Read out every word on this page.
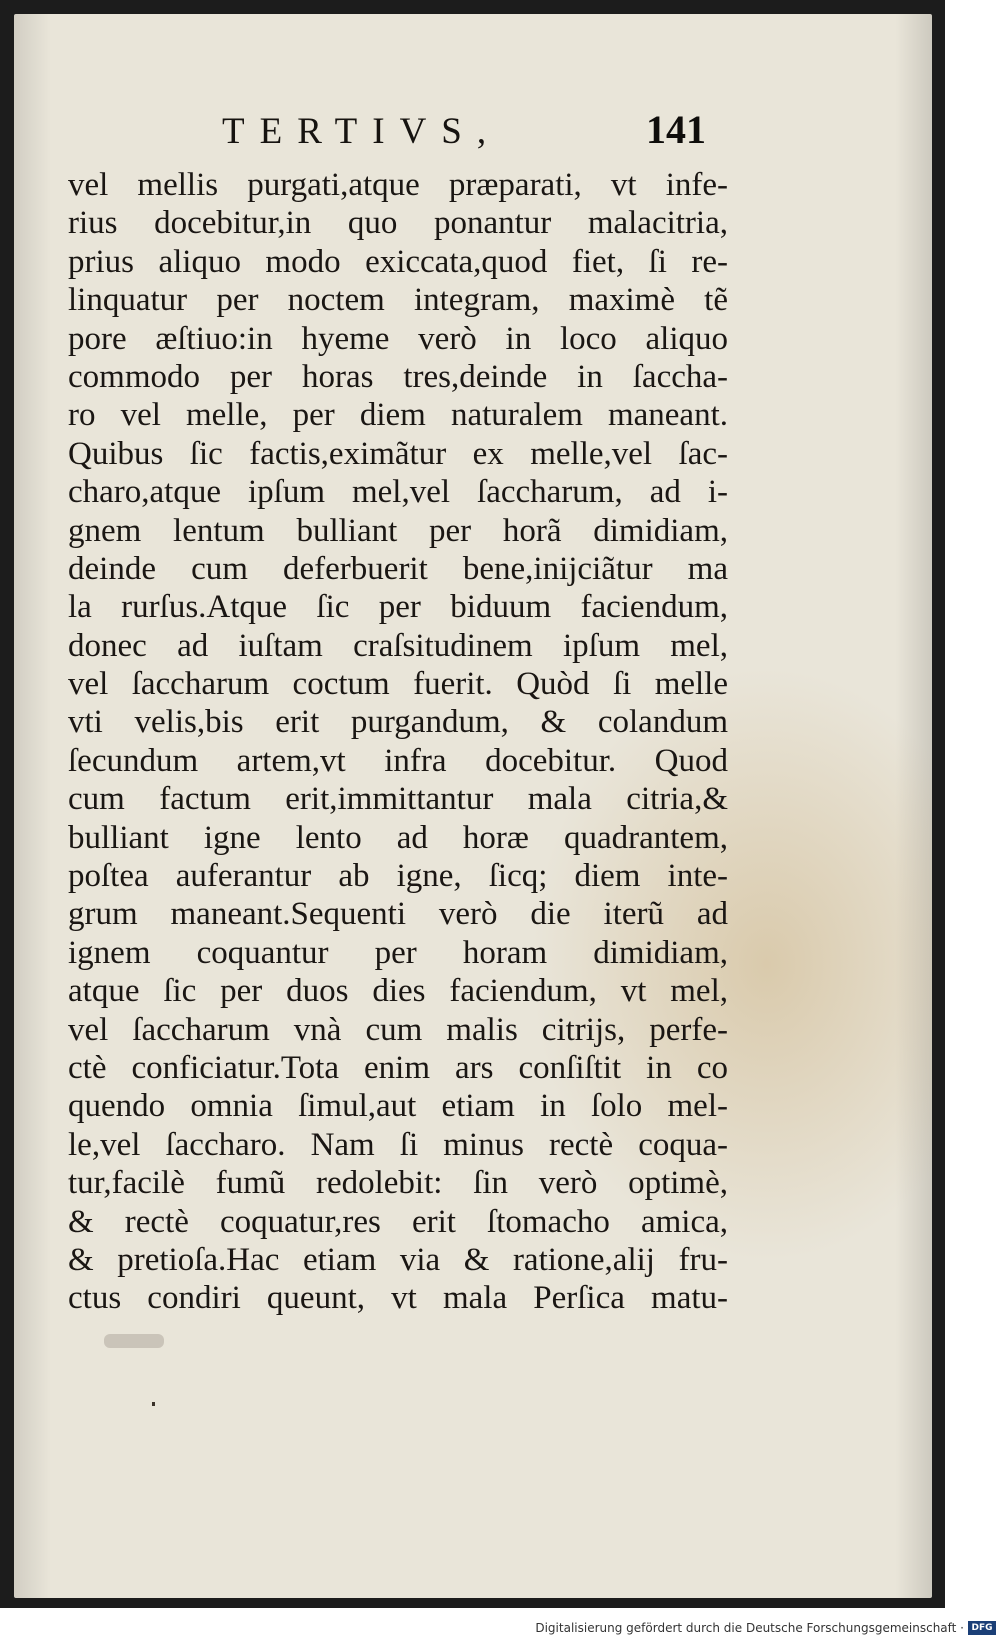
TERTIVS,	141
vel mellis purgati,atque præparati, vt infe-
rius docebitur,in quo ponantur malacitria,
prius aliquo modo exiccata,quod fiet, ſi re-
linquatur per noctem integram, maximè tẽ
pore æſtiuo:in hyeme verò in loco aliquo
commodo per horas tres,deinde in ſaccha-
ro vel melle, per diem naturalem maneant.
Quibus ſic factis,eximãtur ex melle,vel ſac-
charo,atque ipſum mel,vel ſaccharum, ad i-
gnem lentum bulliant per horã dimidiam,
deinde cum deferbuerit bene,inijciãtur ma
la rurſus.Atque ſic per biduum faciendum,
donec ad iuſtam craſsitudinem ipſum mel,
vel ſaccharum coctum fuerit. Quòd ſi melle
vti velis,bis erit purgandum, & colandum
ſecundum artem,vt infra docebitur. Quod
cum factum erit,immittantur mala citria,&
bulliant igne lento ad horæ quadrantem,
poſtea auferantur ab igne, ſicq; diem inte-
grum maneant.Sequenti verò die iterũ ad
ignem coquantur per horam dimidiam,
atque ſic per duos dies faciendum, vt mel,
vel ſaccharum vnà cum malis citrijs, perfe-
ctè conficiatur.Tota enim ars conſiſtit in co
quendo omnia ſimul,aut etiam in ſolo mel-
le,vel ſaccharo. Nam ſi minus rectè coqua-
tur,facilè fumũ redolebit: ſin verò optimè,
& rectè coquatur,res erit ſtomacho amica,
& pretioſa.Hac etiam via & ratione,alij fru-
ctus condiri queunt, vt mala Perſica matu-
Digitalisierung gefördert durch die Deutsche Forschungsgemeinschaft · DFG
